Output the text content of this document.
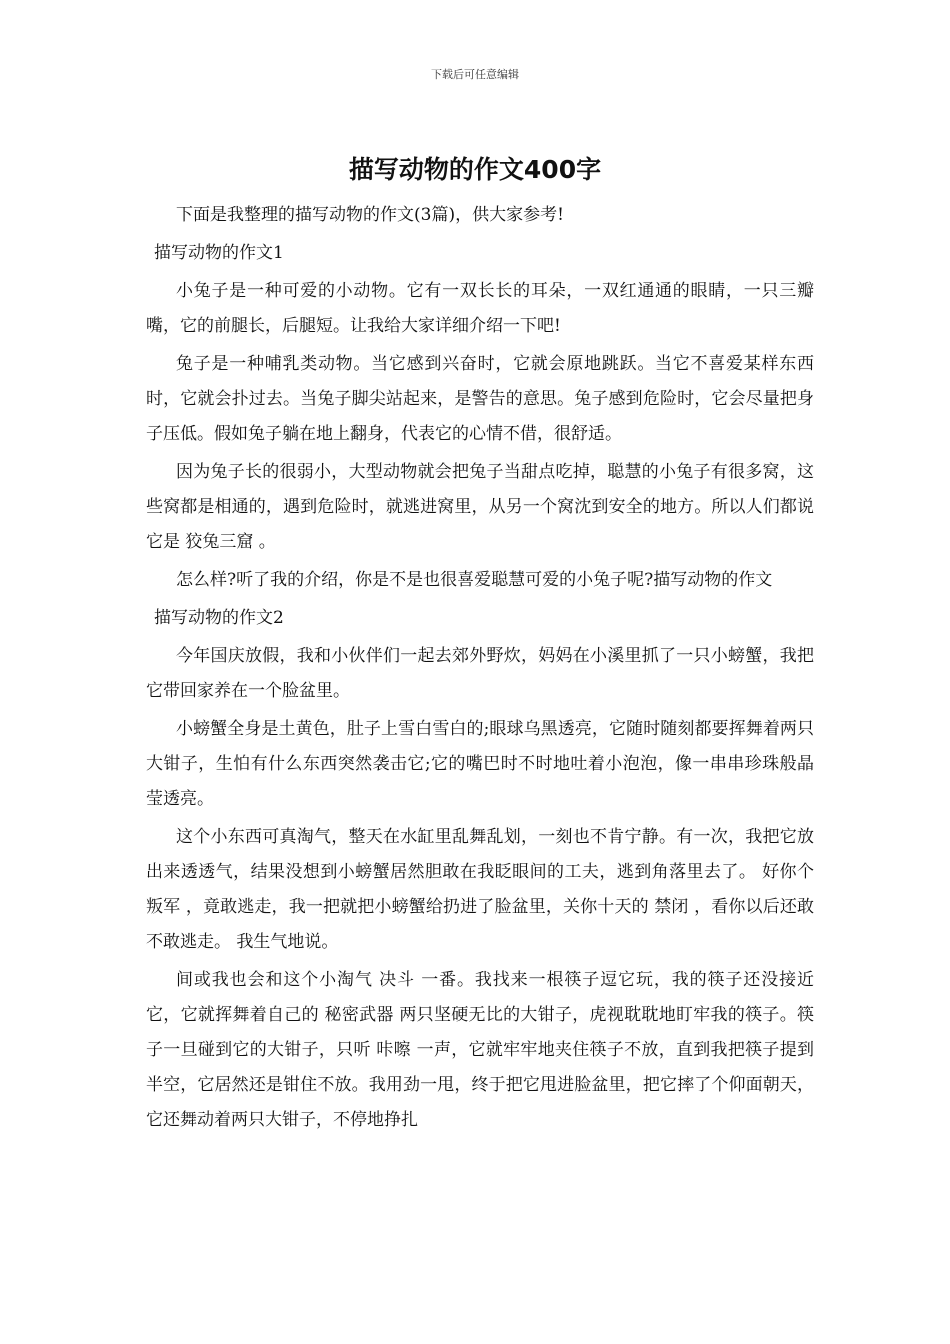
下载后可任意编辑
描写动物的作文400字

下面是我整理的描写动物的作文(3篇)，供大家参考!

描写动物的作文1

小兔子是一种可爱的小动物。它有一双长长的耳朵，一双红通通的眼睛，一只三瓣嘴，它的前腿长，后腿短。让我给大家详细介绍一下吧!

兔子是一种哺乳类动物。当它感到兴奋时，它就会原地跳跃。当它不喜爱某样东西时，它就会扑过去。当兔子脚尖站起来，是警告的意思。兔子感到危险时，它会尽量把身子压低。假如兔子躺在地上翻身，代表它的心情不借，很舒适。

因为兔子长的很弱小，大型动物就会把兔子当甜点吃掉，聪慧的小兔子有很多窝，这些窝都是相通的，遇到危险时，就逃进窝里，从另一个窝沈到安全的地方。所以人们都说它是 狡兔三窟 。

怎么样?听了我的介绍，你是不是也很喜爱聪慧可爱的小兔子呢?描写动物的作文

描写动物的作文2

今年国庆放假，我和小伙伴们一起去郊外野炊，妈妈在小溪里抓了一只小螃蟹，我把它带回家养在一个脸盆里。

小螃蟹全身是土黄色，肚子上雪白雪白的;眼球乌黑透亮，它随时随刻都要挥舞着两只大钳子，生怕有什么东西突然袭击它;它的嘴巴时不时地吐着小泡泡，像一串串珍珠般晶莹透亮。

这个小东西可真淘气，整天在水缸里乱舞乱划，一刻也不肯宁静。有一次，我把它放出来透透气，结果没想到小螃蟹居然胆敢在我眨眼间的工夫，逃到角落里去了。 好你个 叛军 ，竟敢逃走，我一把就把小螃蟹给扔进了脸盆里，关你十天的 禁闭 ，看你以后还敢不敢逃走。 我生气地说。

间或我也会和这个小淘气 决斗 一番。我找来一根筷子逗它玩，我的筷子还没接近它，它就挥舞着自己的 秘密武器 两只坚硬无比的大钳子，虎视耽耽地盯牢我的筷子。筷子一旦碰到它的大钳子，只听 咔嚓 一声，它就牢牢地夹住筷子不放，直到我把筷子提到半空，它居然还是钳住不放。我用劲一甩，终于把它甩进脸盆里，把它摔了个仰面朝天，它还舞动着两只大钳子，不停地挣扎
